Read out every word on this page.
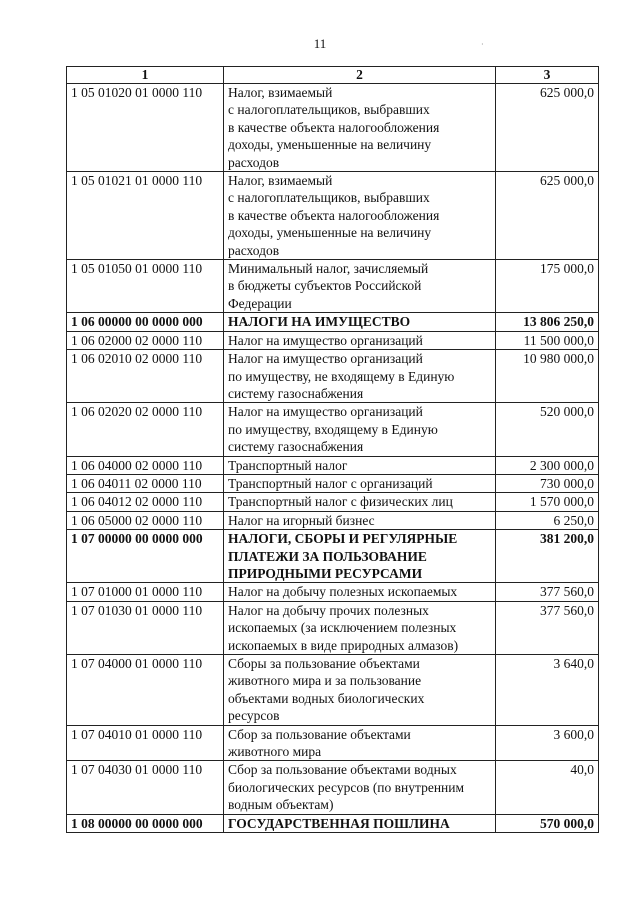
11	·
1	2	3
1 05 01020 01 0000 110	Налог, взимаемый
с налогоплательщиков, выбравших
в качестве объекта налогообложения
доходы, уменьшенные на величину
расходов	625 000,0
1 05 01021 01 0000 110	Налог, взимаемый
с налогоплательщиков, выбравших
в качестве объекта налогообложения
доходы, уменьшенные на величину
расходов	625 000,0
1 05 01050 01 0000 110	Минимальный налог, зачисляемый
в бюджеты субъектов Российской
Федерации	175 000,0
1 06 00000 00 0000 000	НАЛОГИ НА ИМУЩЕСТВО	13 806 250,0
1 06 02000 02 0000 110	Налог на имущество организаций	11 500 000,0
1 06 02010 02 0000 110	Налог на имущество организаций
по имуществу, не входящему в Единую
систему газоснабжения	10 980 000,0
1 06 02020 02 0000 110	Налог на имущество организаций
по имуществу, входящему в Единую
систему газоснабжения	520 000,0
1 06 04000 02 0000 110	Транспортный налог	2 300 000,0
1 06 04011 02 0000 110	Транспортный налог с организаций	730 000,0
1 06 04012 02 0000 110	Транспортный налог с физических лиц	1 570 000,0
1 06 05000 02 0000 110	Налог на игорный бизнес	6 250,0
1 07 00000 00 0000 000	НАЛОГИ, СБОРЫ И РЕГУЛЯРНЫЕ
ПЛАТЕЖИ ЗА ПОЛЬЗОВАНИЕ
ПРИРОДНЫМИ РЕСУРСАМИ	381 200,0
1 07 01000 01 0000 110	Налог на добычу полезных ископаемых	377 560,0
1 07 01030 01 0000 110	Налог на добычу прочих полезных
ископаемых (за исключением полезных
ископаемых в виде природных алмазов)	377 560,0
1 07 04000 01 0000 110	Сборы за пользование объектами
животного мира и за пользование
объектами водных биологических
ресурсов	3 640,0
1 07 04010 01 0000 110	Сбор за пользование объектами
животного мира	3 600,0
1 07 04030 01 0000 110	Сбор за пользование объектами водных
биологических ресурсов (по внутренним
водным объектам)	40,0
1 08 00000 00 0000 000	ГОСУДАРСТВЕННАЯ ПОШЛИНА	570 000,0
